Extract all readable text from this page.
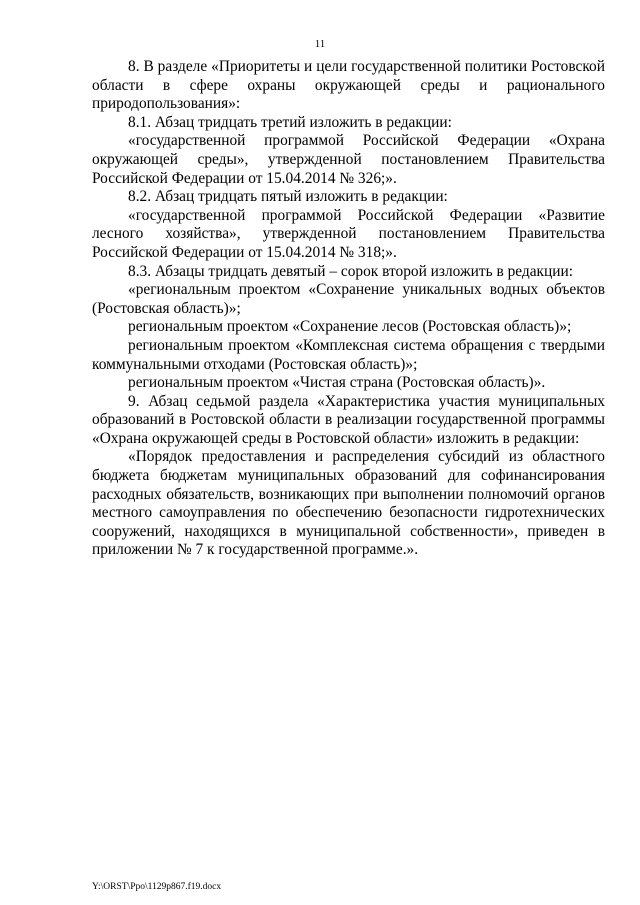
11

8. В разделе «Приоритеты и цели государственной политики Ростовской области в сфере охраны окружающей среды и рационального природопользования»:

8.1. Абзац тридцать третий изложить в редакции:

«государственной программой Российской Федерации «Охрана окружающей среды», утвержденной постановлением Правительства Российской Федерации от 15.04.2014 № 326;».

8.2. Абзац тридцать пятый изложить в редакции:

«государственной программой Российской Федерации «Развитие лесного хозяйства», утвержденной постановлением Правительства Российской Федерации от 15.04.2014 № 318;».

8.3. Абзацы тридцать девятый – сорок второй изложить в редакции:

«региональным проектом «Сохранение уникальных водных объектов (Ростовская область)»;

региональным проектом «Сохранение лесов (Ростовская область)»;

региональным проектом «Комплексная система обращения с твердыми коммунальными отходами (Ростовская область)»;

региональным проектом «Чистая страна (Ростовская область)».

9. Абзац седьмой раздела «Характеристика участия муниципальных образований в Ростовской области в реализации государственной программы «Охрана окружающей среды в Ростовской области» изложить в редакции:

«Порядок предоставления и распределения субсидий из областного бюджета бюджетам муниципальных образований для софинансирования расходных обязательств, возникающих при выполнении полномочий органов местного самоуправления по обеспечению безопасности гидротехнических сооружений, находящихся в муниципальной собственности», приведен в приложении № 7 к государственной программе.».

Y:\ORST\Ppo\1129p867.f19.docx
